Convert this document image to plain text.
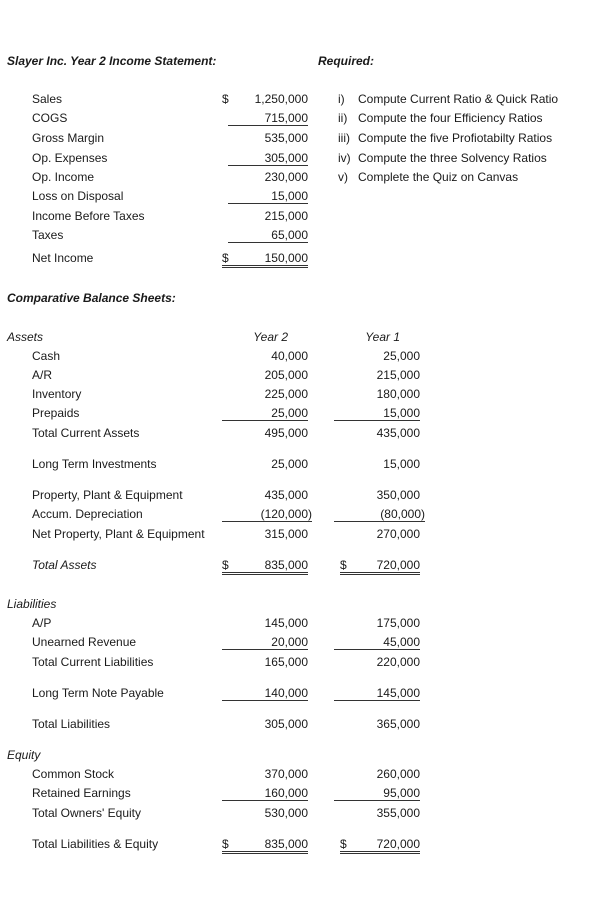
Slayer Inc. Year 2 Income Statement:	Required:
Sales	$	1,250,000
COGS	715,000
Gross Margin	535,000
Op. Expenses	305,000
Op. Income	230,000
Loss on Disposal	15,000
Income Before Taxes	215,000
Taxes	65,000
Net Income	$	150,000
i) Compute Current Ratio & Quick Ratio
ii) Compute the four Efficiency Ratios
iii) Compute the five Profiotabilty Ratios
iv) Compute the three Solvency Ratios
v) Complete the Quiz on Canvas
Comparative Balance Sheets:
Assets	Year 2	Year 1
Cash	40,000	25,000
A/R	205,000	215,000
Inventory	225,000	180,000
Prepaids	25,000	15,000
Total Current Assets	495,000	435,000
Long Term Investments	25,000	15,000
Property, Plant & Equipment	435,000	350,000
Accum. Depreciation	(120,000)	(80,000)
Net Property, Plant & Equipment	315,000	270,000
Total Assets	$	835,000	$	720,000
Liabilities
A/P	145,000	175,000
Unearned Revenue	20,000	45,000
Total Current Liabilities	165,000	220,000
Long Term Note Payable	140,000	145,000
Total Liabilities	305,000	365,000
Equity
Common Stock	370,000	260,000
Retained Earnings	160,000	95,000
Total Owners' Equity	530,000	355,000
Total Liabilities & Equity	$	835,000	$	720,000
